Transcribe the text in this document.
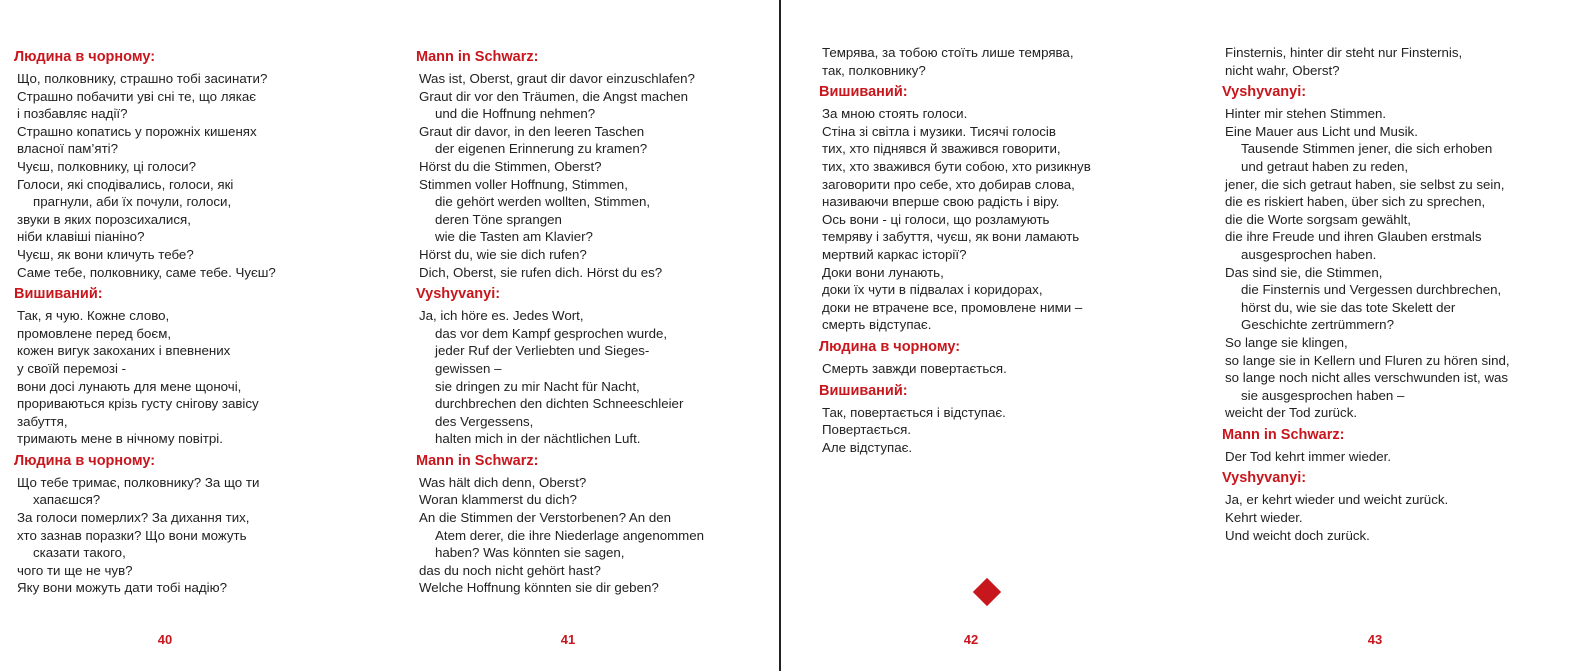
Людина в чорному:
Що, полковнику, страшно тобі засинати?
Страшно побачити уві сні те, що лякає
і позбавляє надії?
Страшно копатись у порожніх кишенях
власної пам’яті?
Чуєш, полковнику, ці голоси?
Голоси, які сподівались, голоси, які
прагнули, аби їх почули, голоси,
звуки в яких порозсихалися,
ніби клавіші піаніно?
Чуєш, як вони кличуть тебе?
Саме тебе, полковнику, саме тебе. Чуєш?
Вишиваний:
Так, я чую. Кожне слово,
промовлене перед боєм,
кожен вигук закоханих і впевнених
у своїй перемозі -
вони досі лунають для мене щоночі,
прориваються крізь густу снігову завісу
забуття,
тримають мене в нічному повітрі.
Людина в чорному:
Що тебе тримає, полковнику? За що ти
хапаєшся?
За голоси померлих? За дихання тих,
хто зазнав поразки? Що вони можуть
сказати такого,
чого ти ще не чув?
Яку вони можуть дати тобі надію?
40
Mann in Schwarz:
Was ist, Oberst, graut dir davor einzuschlafen?
Graut dir vor den Träumen, die Angst machen
und die Hoffnung nehmen?
Graut dir davor, in den leeren Taschen
der eigenen Erinnerung zu kramen?
Hörst du die Stimmen, Oberst?
Stimmen voller Hoffnung, Stimmen,
die gehört werden wollten, Stimmen,
deren Töne sprangen
wie die Tasten am Klavier?
Hörst du, wie sie dich rufen?
Dich, Oberst, sie rufen dich. Hörst du es?
Vyshyvanyi:
Ja, ich höre es. Jedes Wort,
das vor dem Kampf gesprochen wurde,
jeder Ruf der Verliebten und Sieges-
gewissen –
sie dringen zu mir Nacht für Nacht,
durchbrechen den dichten Schneeschleier
des Vergessens,
halten mich in der nächtlichen Luft.
Mann in Schwarz:
Was hält dich denn, Oberst?
Woran klammerst du dich?
An die Stimmen der Verstorbenen? An den
Atem derer, die ihre Niederlage angenommen
haben? Was könnten sie sagen,
das du noch nicht gehört hast?
Welche Hoffnung könnten sie dir geben?
41
Темрява, за тобою стоїть лише темрява,
так, полковнику?
Вишиваний:
За мною стоять голоси.
Стіна зі світла і музики. Тисячі голосів
тих, хто піднявся й зважився говорити,
тих, хто зважився бути собою, хто ризикнув
заговорити про себе, хто добирав слова,
називаючи вперше свою радість і віру.
Ось вони - ці голоси, що розламують
темряву і забуття, чуєш, як вони ламають
мертвий каркас історії?
Доки вони лунають,
доки їх чути в підвалах і коридорах,
доки не втрачене все, промовлене ними –
смерть відступає.
Людина в чорному:
Смерть завжди повертається.
Вишиваний:
Так, повертається і відступає.
Повертається.
Але відступає.
42
Finsternis, hinter dir steht nur Finsternis,
nicht wahr, Oberst?
Vyshyvanyi:
Hinter mir stehen Stimmen.
Eine Mauer aus Licht und Musik.
Tausende Stimmen jener, die sich erhoben
und getraut haben zu reden,
jener, die sich getraut haben, sie selbst zu sein,
die es riskiert haben, über sich zu sprechen,
die die Worte sorgsam gewählt,
die ihre Freude und ihren Glauben erstmals
ausgesprochen haben.
Das sind sie, die Stimmen,
die Finsternis und Vergessen durchbrechen,
hörst du, wie sie das tote Skelett der
Geschichte zertrümmern?
So lange sie klingen,
so lange sie in Kellern und Fluren zu hören sind,
so lange noch nicht alles verschwunden ist, was
sie ausgesprochen haben –
weicht der Tod zurück.
Mann in Schwarz:
Der Tod kehrt immer wieder.
Vyshyvanyi:
Ja, er kehrt wieder und weicht zurück.
Kehrt wieder.
Und weicht doch zurück.
43
